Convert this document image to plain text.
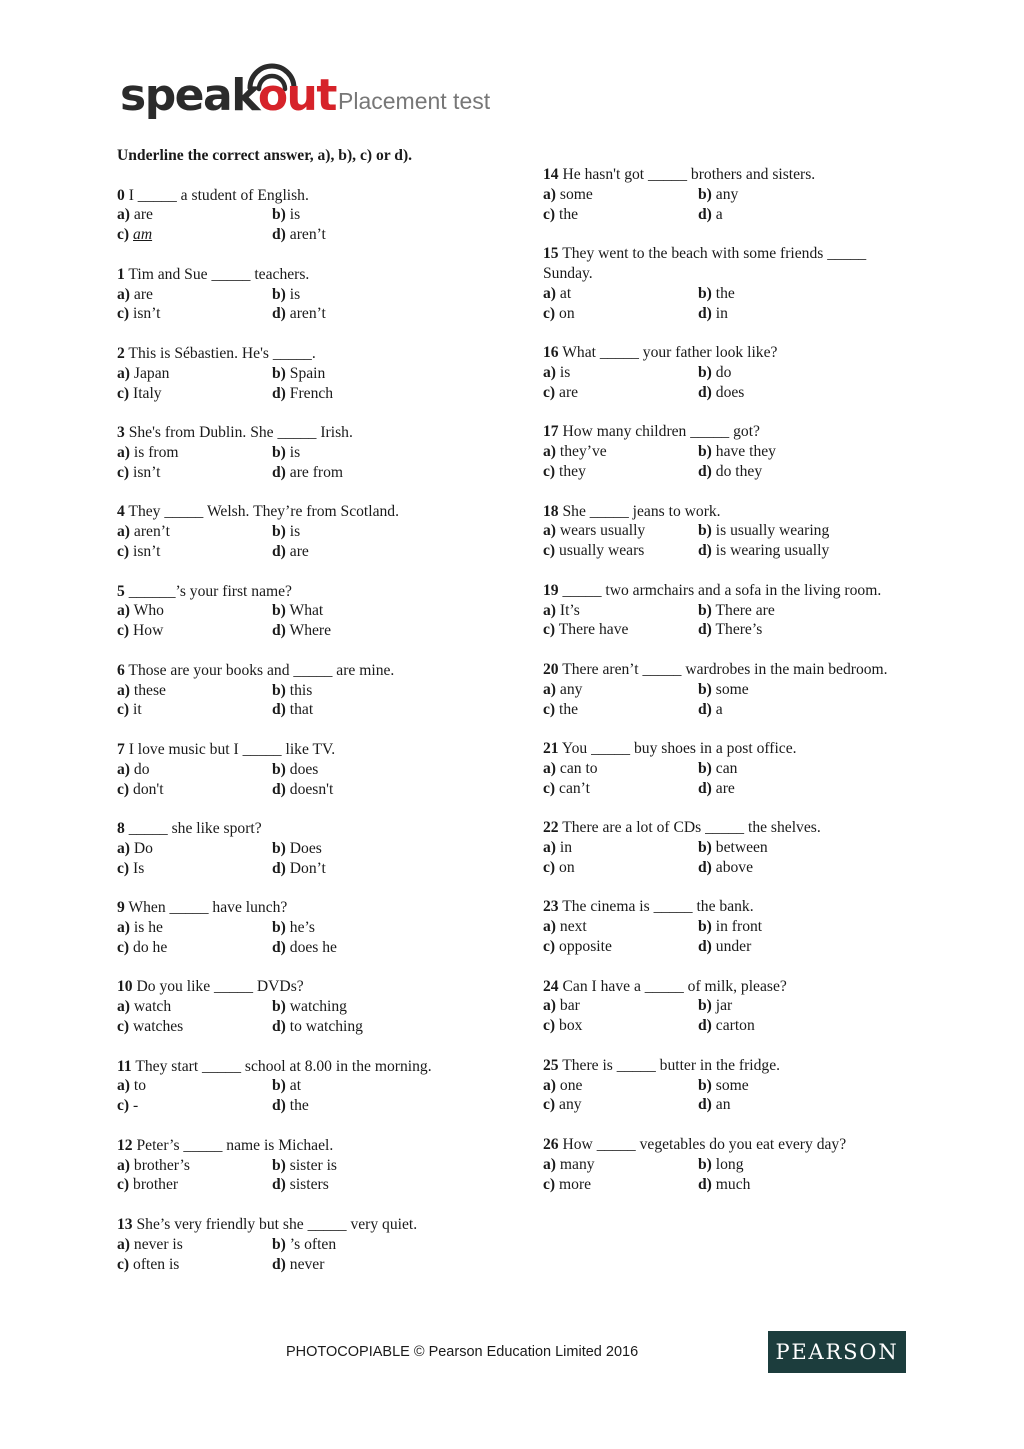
speakout Placement test
Underline the correct answer, a), b), c) or d).
0 I _____ a student of English.
a) are	b) is
c) am	d) aren’t
1 Tim and Sue _____ teachers.
a) are	b) is
c) isn’t	d) aren’t
2 This is Sébastien. He's _____.
a) Japan	b) Spain
c) Italy	d) French
3 She's from Dublin. She _____ Irish.
a) is from	b) is
c) isn’t	d) are from
4 They _____ Welsh. They’re from Scotland.
a) aren’t	b) is
c) isn’t	d) are
5 ______’s your first name?
a) Who	b) What
c) How	d) Where
6 Those are your books and _____ are mine.
a) these	b) this
c) it	d) that
7 I love music but I _____ like TV.
a) do	b) does
c) don't	d) doesn't
8 _____ she like sport?
a) Do	b) Does
c) Is	d) Don’t
9 When _____ have lunch?
a) is he	b) he’s
c) do he	d) does he
10 Do you like _____ DVDs?
a) watch	b) watching
c) watches	d) to watching
11 They start _____ school at 8.00 in the morning.
a) to	b) at
c) -	d) the
12 Peter’s _____ name is Michael.
a) brother’s	b) sister is
c) brother	d) sisters
13 She’s very friendly but she _____ very quiet.
a) never is	b) ’s often
c) often is	d) never
14 He hasn't got _____ brothers and sisters.
a) some	b) any
c) the	d) a
15 They went to the beach with some friends _____ Sunday.
a) at	b) the
c) on	d) in
16 What _____ your father look like?
a) is	b) do
c) are	d) does
17 How many children _____ got?
a) they’ve	b) have they
c) they	d) do they
18 She _____ jeans to work.
a) wears usually	b) is usually wearing
c) usually wears	d) is wearing usually
19 _____ two armchairs and a sofa in the living room.
a) It’s	b) There are
c) There have	d) There’s
20 There aren’t _____ wardrobes in the main bedroom.
a) any	b) some
c) the	d) a
21 You _____ buy shoes in a post office.
a) can to	b) can
c) can’t	d) are
22 There are a lot of CDs _____ the shelves.
a) in	b) between
c) on	d) above
23 The cinema is _____ the bank.
a) next	b) in front
c) opposite	d) under
24 Can I have a _____ of milk, please?
a) bar	b) jar
c) box	d) carton
25 There is _____ butter in the fridge.
a) one	b) some
c) any	d) an
26 How _____ vegetables do you eat every day?
a) many	b) long
c) more	d) much
PHOTOCOPIABLE © Pearson Education Limited 2016	PEARSON
